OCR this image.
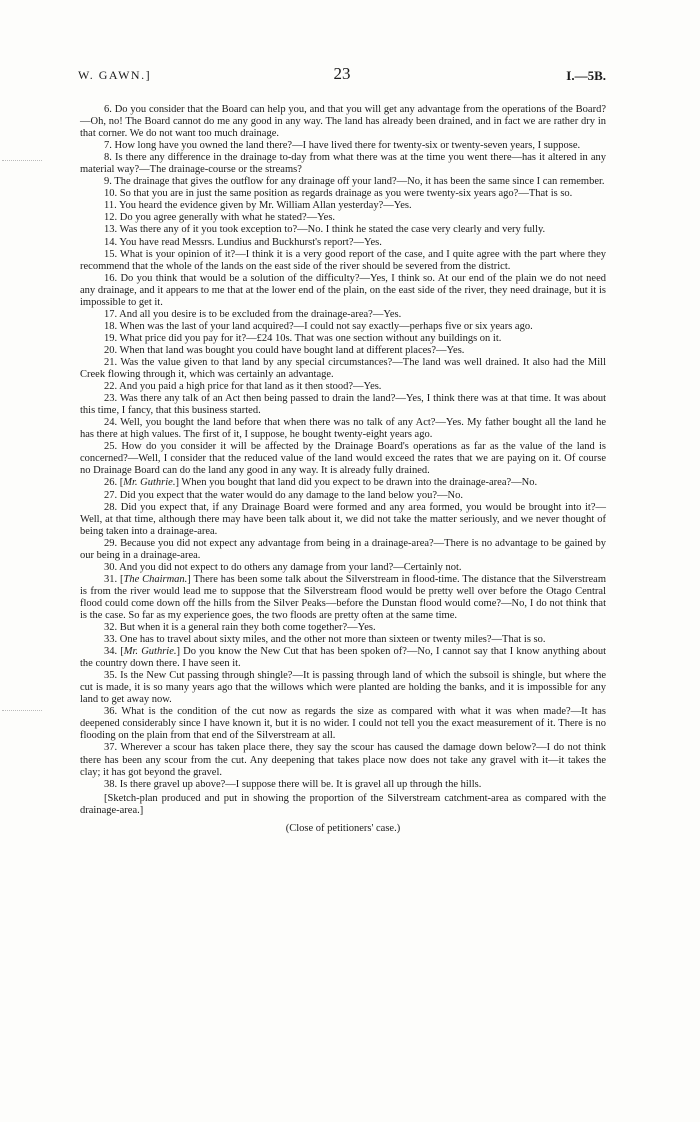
W. GAWN.]	23	I.—5B.

6. Do you consider that the Board can help you, and that you will get any advantage from the operations of the Board?—Oh, no! The Board cannot do me any good in any way. The land has already been drained, and in fact we are rather dry in that corner. We do not want too much drainage.

7. How long have you owned the land there?—I have lived there for twenty-six or twenty-seven years, I suppose.

8. Is there any difference in the drainage to-day from what there was at the time you went there—has it altered in any material way?—The drainage-course or the streams?

9. The drainage that gives the outflow for any drainage off your land?—No, it has been the same since I can remember.

10. So that you are in just the same position as regards drainage as you were twenty-six years ago?—That is so.

11. You heard the evidence given by Mr. William Allan yesterday?—Yes.

12. Do you agree generally with what he stated?—Yes.

13. Was there any of it you took exception to?—No. I think he stated the case very clearly and very fully.

14. You have read Messrs. Lundius and Buckhurst's report?—Yes.

15. What is your opinion of it?—I think it is a very good report of the case, and I quite agree with the part where they recommend that the whole of the lands on the east side of the river should be severed from the district.

16. Do you think that would be a solution of the difficulty?—Yes, I think so. At our end of the plain we do not need any drainage, and it appears to me that at the lower end of the plain, on the east side of the river, they need drainage, but it is impossible to get it.

17. And all you desire is to be excluded from the drainage-area?—Yes.

18. When was the last of your land acquired?—I could not say exactly—perhaps five or six years ago.

19. What price did you pay for it?—£24 10s. That was one section without any buildings on it.

20. When that land was bought you could have bought land at different places?—Yes.

21. Was the value given to that land by any special circumstances?—The land was well drained. It also had the Mill Creek flowing through it, which was certainly an advantage.

22. And you paid a high price for that land as it then stood?—Yes.

23. Was there any talk of an Act then being passed to drain the land?—Yes, I think there was at that time. It was about this time, I fancy, that this business started.

24. Well, you bought the land before that when there was no talk of any Act?—Yes. My father bought all the land he has there at high values. The first of it, I suppose, he bought twenty-eight years ago.

25. How do you consider it will be affected by the Drainage Board's operations as far as the value of the land is concerned?—Well, I consider that the reduced value of the land would exceed the rates that we are paying on it. Of course no Drainage Board can do the land any good in any way. It is already fully drained.

26. [Mr. Guthrie.] When you bought that land did you expect to be drawn into the drainage-area?—No.

27. Did you expect that the water would do any damage to the land below you?—No.

28. Did you expect that, if any Drainage Board were formed and any area formed, you would be brought into it?—Well, at that time, although there may have been talk about it, we did not take the matter seriously, and we never thought of being taken into a drainage-area.

29. Because you did not expect any advantage from being in a drainage-area?—There is no advantage to be gained by our being in a drainage-area.

30. And you did not expect to do others any damage from your land?—Certainly not.

31. [The Chairman.] There has been some talk about the Silverstream in flood-time. The distance that the Silverstream is from the river would lead me to suppose that the Silverstream flood would be pretty well over before the Otago Central flood could come down off the hills from the Silver Peaks—before the Dunstan flood would come?—No, I do not think that is the case. So far as my experience goes, the two floods are pretty often at the same time.

32. But when it is a general rain they both come together?—Yes.

33. One has to travel about sixty miles, and the other not more than sixteen or twenty miles?—That is so.

34. [Mr. Guthrie.] Do you know the New Cut that has been spoken of?—No, I cannot say that I know anything about the country down there. I have seen it.

35. Is the New Cut passing through shingle?—It is passing through land of which the subsoil is shingle, but where the cut is made, it is so many years ago that the willows which were planted are holding the banks, and it is impossible for any land to get away now.

36. What is the condition of the cut now as regards the size as compared with what it was when made?—It has deepened considerably since I have known it, but it is no wider. I could not tell you the exact measurement of it. There is no flooding on the plain from that end of the Silverstream at all.

37. Wherever a scour has taken place there, they say the scour has caused the damage down below?—I do not think there has been any scour from the cut. Any deepening that takes place now does not take any gravel with it—it takes the clay; it has got beyond the gravel.

38. Is there gravel up above?—I suppose there will be. It is gravel all up through the hills.

[Sketch-plan produced and put in showing the proportion of the Silverstream catchment-area as compared with the drainage-area.]

(Close of petitioners' case.)
